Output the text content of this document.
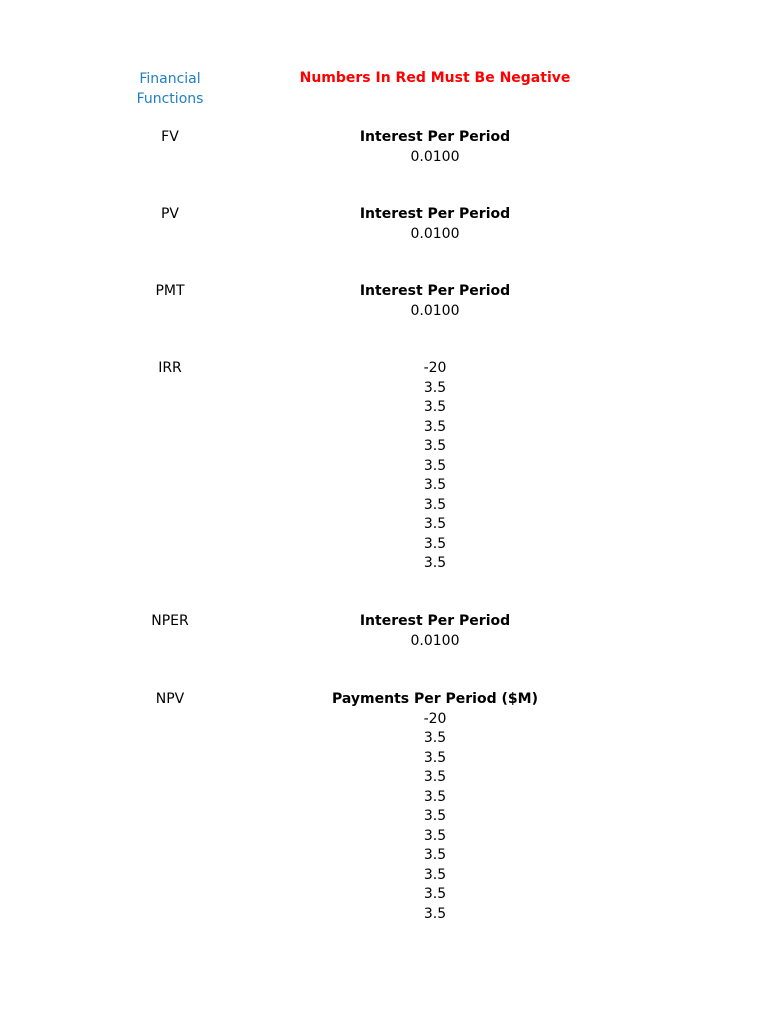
Financial
Functions
Numbers In Red Must Be Negative
FV	Interest Per Period
0.0100
PV	Interest Per Period
0.0100
PMT	Interest Per Period
0.0100
IRR	-20
3.5
3.5
3.5
3.5
3.5
3.5
3.5
3.5
3.5
3.5
NPER	Interest Per Period
0.0100
NPV	Payments Per Period ($M)
-20
3.5
3.5
3.5
3.5
3.5
3.5
3.5
3.5
3.5
3.5
